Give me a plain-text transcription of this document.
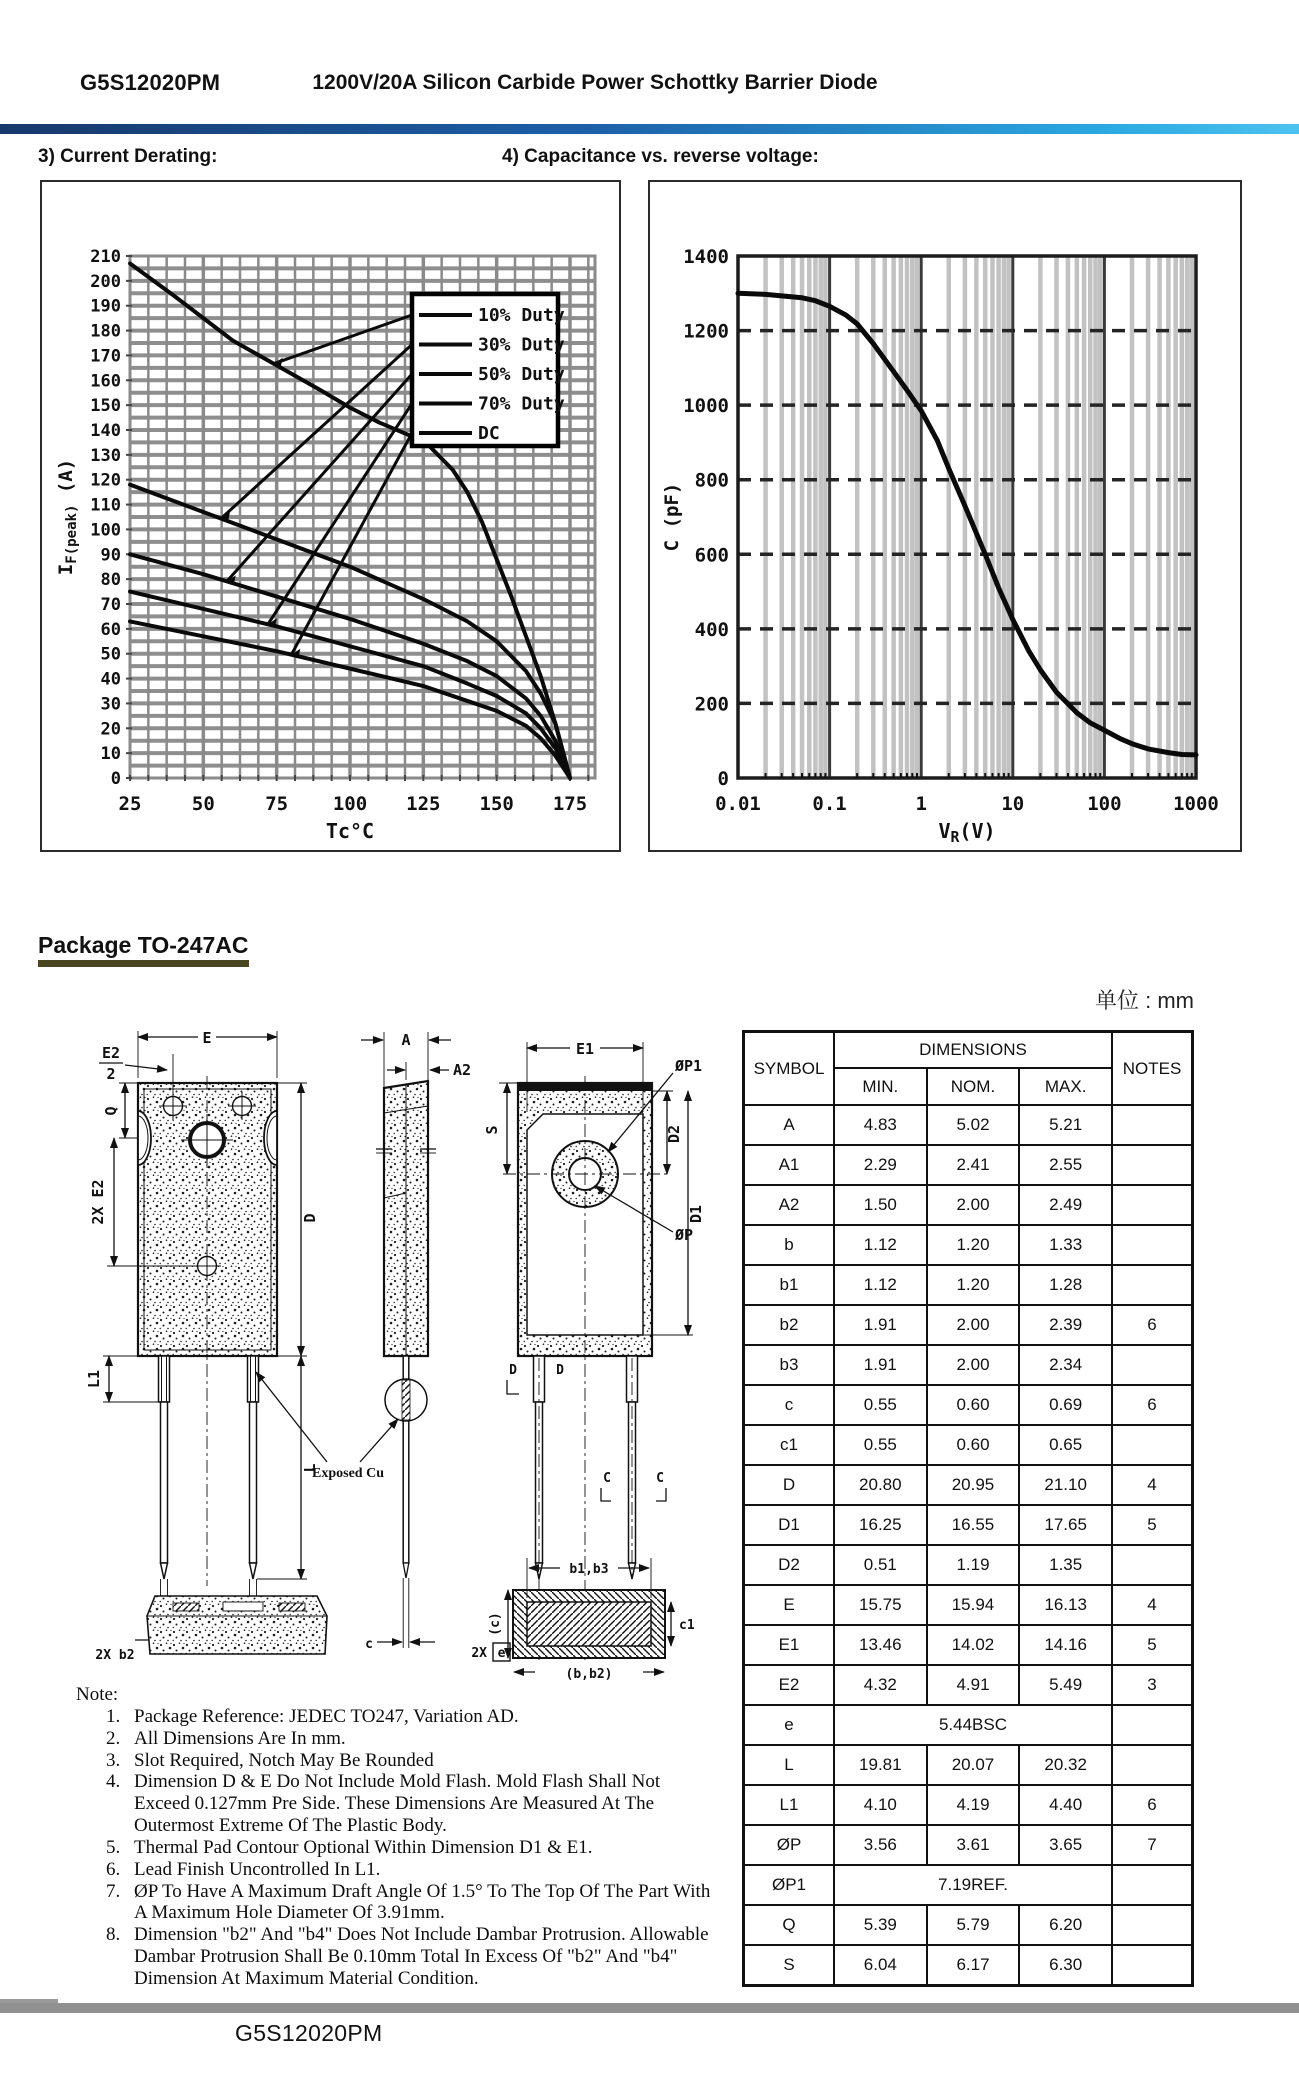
G5S12020PM	1200V/20A Silicon Carbide Power Schottky Barrier Diode
3) Current Derating:	4) Capacitance vs. reverse voltage:
10% Duty
30% Duty
50% Duty
70% Duty
DC
0
10
20
30
40
50
60
70
80
90
100
110
120
130
140
150
160
170
180
190
200
210
25	50	75 100 125 150 175
Tc°C
$I_{F(peak)}$ (A)
0
200
400
600
800
1000
1200
1400
0.01	0.1	1	10	100	1000
$V_R(V)$
C (pF)
Package TO-247AC
单位 : mm
E
E2
2
Q
2X E2	D
L
L1
2X b2
Exposed Cu
A
A2
c
E1
ØP1
ØP
S	D2
D1
D	D
C	C
2X e
b1,b3
(c)	c1
(b,b2)
SYMBOL	DIMENSIONS			NOTES
	MIN.	NOM.	MAX.	
A	4.83	5.02	5.21	
A1	2.29	2.41	2.55	
A2	1.50	2.00	2.49	
b	1.12	1.20	1.33	
b1	1.12	1.20	1.28	
b2	1.91	2.00	2.39	6
b3	1.91	2.00	2.34	
c	0.55	0.60	0.69	6
c1	0.55	0.60	0.65	
D	20.80	20.95	21.10	4
D1	16.25	16.55	17.65	5
D2	0.51	1.19	1.35	
E	15.75	15.94	16.13	4
E1	13.46	14.02	14.16	5
E2	4.32	4.91	5.49	3
e	5.44BSC			
L	19.81	20.07	20.32	
L1	4.10	4.19	4.40	6
ØP	3.56	3.61	3.65	7
ØP1	7.19REF.			
Q	5.39	5.79	6.20	
S	6.04	6.17	6.30	
Note:
1. Package Reference: JEDEC TO247, Variation AD.
2. All Dimensions Are In mm.
3. Slot Required, Notch May Be Rounded
4. Dimension D & E Do Not Include Mold Flash. Mold Flash Shall Not Exceed 0.127mm Pre Side. These Dimensions Are Measured At The Outermost Extreme Of The Plastic Body.
5. Thermal Pad Contour Optional Within Dimension D1 & E1.
6. Lead Finish Uncontrolled In L1.
7. ØP To Have A Maximum Draft Angle Of 1.5° To The Top Of The Part With A Maximum Hole Diameter Of 3.91mm.
8. Dimension "b2" And "b4" Does Not Include Dambar Protrusion. Allowable Dambar Protrusion Shall Be 0.10mm Total In Excess Of "b2" And "b4" Dimension At Maximum Material Condition.
G5S12020PM
